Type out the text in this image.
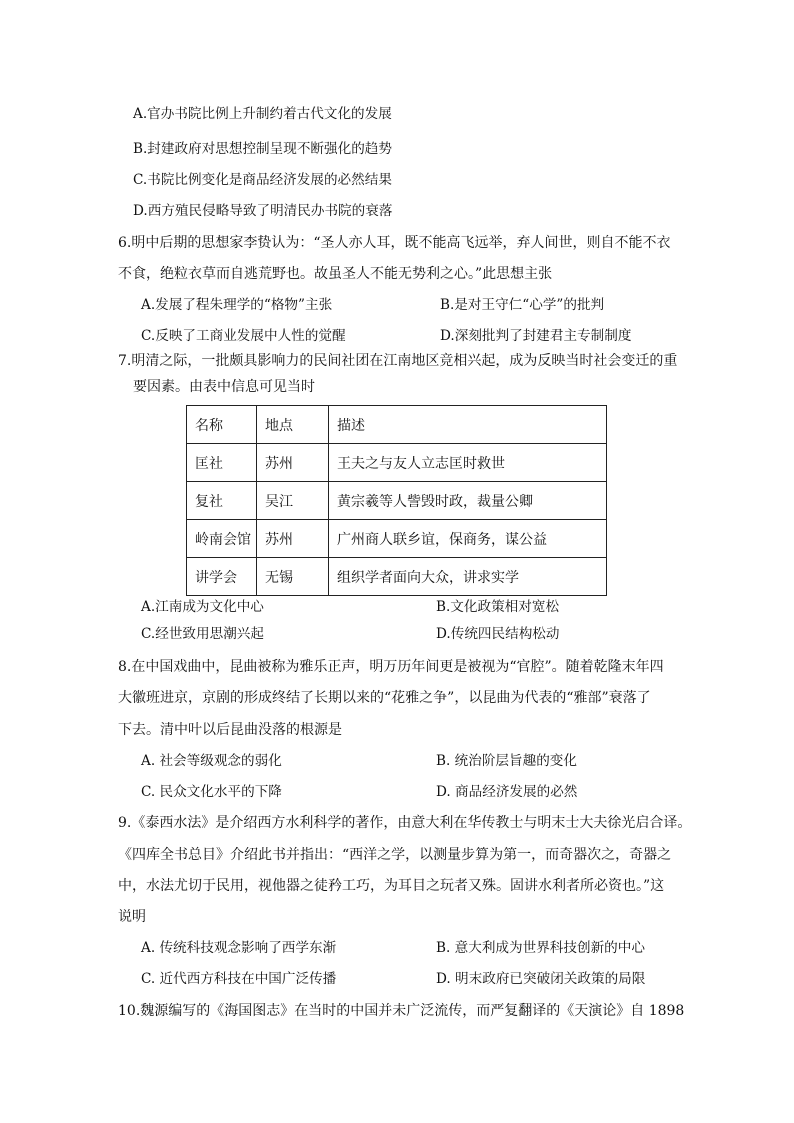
A.官办书院比例上升制约着古代文化的发展
B.封建政府对思想控制呈现不断强化的趋势
C.书院比例变化是商品经济发展的必然结果
D.西方殖民侵略导致了明清民办书院的衰落
6.明中后期的思想家李贽认为：“圣人亦人耳，既不能高飞远举，弃人间世，则自不能不衣
不食，绝粒衣草而自逃荒野也。故虽圣人不能无势利之心。”此思想主张
A.发展了程朱理学的“格物”主张	B.是对王守仁“心学”的批判
C.反映了工商业发展中人性的觉醒	D.深刻批判了封建君主专制制度
7.明清之际，一批颇具影响力的民间社团在江南地区竞相兴起，成为反映当时社会变迁的重
要因素。由表中信息可见当时
名称	地点	描述
匡社	苏州	王夫之与友人立志匡时救世
复社	吴江	黄宗羲等人訾毁时政，裁量公卿
岭南会馆	苏州	广州商人联乡谊，保商务，谋公益
讲学会	无锡	组织学者面向大众，讲求实学
A.江南成为文化中心	B.文化政策相对宽松
C.经世致用思潮兴起	D.传统四民结构松动
8.在中国戏曲中，昆曲被称为雅乐正声，明万历年间更是被视为“官腔”。随着乾隆末年四
大徽班进京，京剧的形成终结了长期以来的“花雅之争”，以昆曲为代表的“雅部”衰落了
下去。清中叶以后昆曲没落的根源是
A. 社会等级观念的弱化	B. 统治阶层旨趣的变化
C. 民众文化水平的下降	D. 商品经济发展的必然
9.《泰西水法》是介绍西方水利科学的著作，由意大利在华传教士与明末士大夫徐光启合译。
《四库全书总目》介绍此书并指出：“西洋之学，以测量步算为第一，而奇器次之，奇器之
中，水法尤切于民用，视他器之徒矜工巧，为耳目之玩者又殊。固讲水利者所必资也。”这
说明
A. 传统科技观念影响了西学东渐	B. 意大利成为世界科技创新的中心
C. 近代西方科技在中国广泛传播	D. 明末政府已突破闭关政策的局限
10.魏源编写的《海国图志》在当时的中国并未广泛流传，而严复翻译的《天演论》自 1898
